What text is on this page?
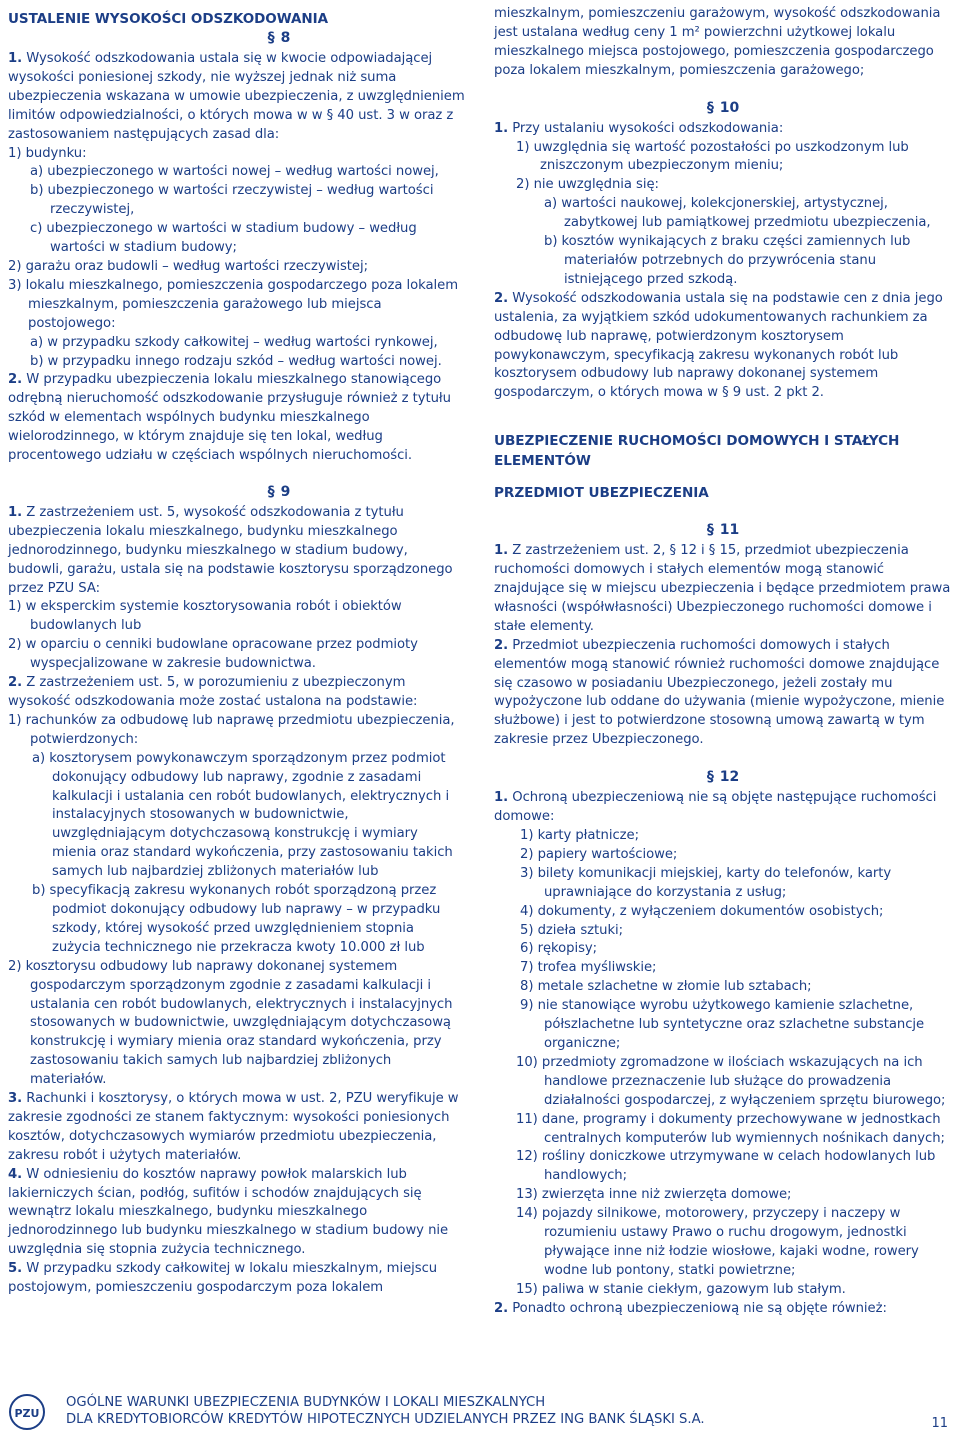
USTALENIE WYSOKOŚCI ODSZKODOWANIA
§ 8

1. Wysokość odszkodowania ustala się w kwocie odpowiadającej wysokości poniesionej szkody, nie wyższej jednak niż suma ubezpieczenia wskazana w umowie ubezpieczenia, z uwzględnieniem limitów odpowiedzialności, o których mowa w w § 40 ust. 3 w oraz z zastosowaniem następujących zasad dla:

1) budynku:

a) ubezpieczonego w wartości nowej – według wartości nowej,

b) ubezpieczonego w wartości rzeczywistej – według wartości rzeczywistej,

c) ubezpieczonego w wartości w stadium budowy – według wartości w stadium budowy;

2) garażu oraz budowli – według wartości rzeczywistej;

3) lokalu mieszkalnego, pomieszczenia gospodarczego poza lokalem mieszkalnym, pomieszczenia garażowego lub miejsca postojowego:

a) w przypadku szkody całkowitej – według wartości rynkowej,

b) w przypadku innego rodzaju szkód – według wartości nowej.

2. W przypadku ubezpieczenia lokalu mieszkalnego stanowiącego odrębną nieruchomość odszkodowanie przysługuje również z tytułu szkód w elementach wspólnych budynku mieszkalnego wielorodzinnego, w którym znajduje się ten lokal, według procentowego udziału w częściach wspólnych nieruchomości.

§ 9

1. Z zastrzeżeniem ust. 5, wysokość odszkodowania z tytułu ubezpieczenia lokalu mieszkalnego, budynku mieszkalnego jednorodzinnego, budynku mieszkalnego w stadium budowy, budowli, garażu, ustala się na podstawie kosztorysu sporządzonego przez PZU SA:

1) w eksperckim systemie kosztorysowania robót i obiektów budowlanych lub

2) w oparciu o cenniki budowlane opracowane przez podmioty wyspecjalizowane w zakresie budownictwa.

2. Z zastrzeżeniem ust. 5, w porozumieniu z ubezpieczonym wysokość odszkodowania może zostać ustalona na podstawie:

1) rachunków za odbudowę lub naprawę przedmiotu ubezpieczenia, potwierdzonych:

a) kosztorysem powykonawczym sporządzonym przez podmiot dokonujący odbudowy lub naprawy, zgodnie z zasadami kalkulacji i ustalania cen robót budowlanych, elektrycznych i instalacyjnych stosowanych w budownictwie, uwzględniającym dotychczasową konstrukcję i wymiary mienia oraz standard wykończenia, przy zastosowaniu takich samych lub najbardziej zbliżonych materiałów lub

b) specyfikacją zakresu wykonanych robót sporządzoną przez podmiot dokonujący odbudowy lub naprawy – w przypadku szkody, której wysokość przed uwzględnieniem stopnia zużycia technicznego nie przekracza kwoty 10.000 zł lub

2) kosztorysu odbudowy lub naprawy dokonanej systemem gospodarczym sporządzonym zgodnie z zasadami kalkulacji i ustalania cen robót budowlanych, elektrycznych i instalacyjnych stosowanych w budownictwie, uwzględniającym dotychczasową konstrukcję i wymiary mienia oraz standard wykończenia, przy zastosowaniu takich samych lub najbardziej zbliżonych materiałów.

3. Rachunki i kosztorysy, o których mowa w ust. 2, PZU weryfikuje w zakresie zgodności ze stanem faktycznym: wysokości poniesionych kosztów, dotychczasowych wymiarów przedmiotu ubezpieczenia, zakresu robót i użytych materiałów.

4. W odniesieniu do kosztów naprawy powłok malarskich lub lakierniczych ścian, podłóg, sufitów i schodów znajdujących się wewnątrz lokalu mieszkalnego, budynku mieszkalnego jednorodzinnego lub budynku mieszkalnego w stadium budowy nie uwzględnia się stopnia zużycia technicznego.

5. W przypadku szkody całkowitej w lokalu mieszkalnym, miejscu postojowym, pomieszczeniu gospodarczym poza lokalem

mieszkalnym, pomieszczeniu garażowym, wysokość odszkodowania jest ustalana według ceny 1 m² powierzchni użytkowej lokalu mieszkalnego miejsca postojowego, pomieszczenia gospodarczego poza lokalem mieszkalnym, pomieszczenia garażowego;

§ 10

1. Przy ustalaniu wysokości odszkodowania:

1) uwzględnia się wartość pozostałości po uszkodzonym lub zniszczonym ubezpieczonym mieniu;

2) nie uwzględnia się:

a) wartości naukowej, kolekcjonerskiej, artystycznej, zabytkowej lub pamiątkowej przedmiotu ubezpieczenia,

b) kosztów wynikających z braku części zamiennych lub materiałów potrzebnych do przywrócenia stanu istniejącego przed szkodą.

2. Wysokość odszkodowania ustala się na podstawie cen z dnia jego ustalenia, za wyjątkiem szkód udokumentowanych rachunkiem za odbudowę lub naprawę, potwierdzonym kosztorysem powykonawczym, specyfikacją zakresu wykonanych robót lub kosztorysem odbudowy lub naprawy dokonanej systemem gospodarczym, o których mowa w § 9 ust. 2 pkt 2.

UBEZPIECZENIE RUCHOMOŚCI DOMOWYCH I STAŁYCH ELEMENTÓW
PRZEDMIOT UBEZPIECZENIA
§ 11

1. Z zastrzeżeniem ust. 2, § 12 i § 15, przedmiot ubezpieczenia ruchomości domowych i stałych elementów mogą stanowić znajdujące się w miejscu ubezpieczenia i będące przedmiotem prawa własności (współwłasności) Ubezpieczonego ruchomości domowe i stałe elementy.

2. Przedmiot ubezpieczenia ruchomości domowych i stałych elementów mogą stanowić również ruchomości domowe znajdujące się czasowo w posiadaniu Ubezpieczonego, jeżeli zostały mu wypożyczone lub oddane do używania (mienie wypożyczone, mienie służbowe) i jest to potwierdzone stosowną umową zawartą w tym zakresie przez Ubezpieczonego.

§ 12

1. Ochroną ubezpieczeniową nie są objęte następujące ruchomości domowe:

1) karty płatnicze;

2) papiery wartościowe;

3) bilety komunikacji miejskiej, karty do telefonów, karty uprawniające do korzystania z usług;

4) dokumenty, z wyłączeniem dokumentów osobistych;

5) dzieła sztuki;

6) rękopisy;

7) trofea myśliwskie;

8) metale szlachetne w złomie lub sztabach;

9) nie stanowiące wyrobu użytkowego kamienie szlachetne, półszlachetne lub syntetyczne oraz szlachetne substancje organiczne;

10) przedmioty zgromadzone w ilościach wskazujących na ich handlowe przeznaczenie lub służące do prowadzenia działalności gospodarczej, z wyłączeniem sprzętu biurowego;

11) dane, programy i dokumenty przechowywane w jednostkach centralnych komputerów lub wymiennych nośnikach danych;

12) rośliny doniczkowe utrzymywane w celach hodowlanych lub handlowych;

13) zwierzęta inne niż zwierzęta domowe;

14) pojazdy silnikowe, motorowery, przyczepy i naczepy w rozumieniu ustawy Prawo o ruchu drogowym, jednostki pływające inne niż łodzie wiosłowe, kajaki wodne, rowery wodne lub pontony, statki powietrzne;

15) paliwa w stanie ciekłym, gazowym lub stałym.

2. Ponadto ochroną ubezpieczeniową nie są objęte również:

PZU
OGÓLNE WARUNKI UBEZPIECZENIA BUDYNKÓW I LOKALI MIESZKALNYCH
DLA KREDYTOBIORCÓW KREDYTÓW HIPOTECZNYCH UDZIELANYCH PRZEZ ING BANK ŚLĄSKI S.A.	11
